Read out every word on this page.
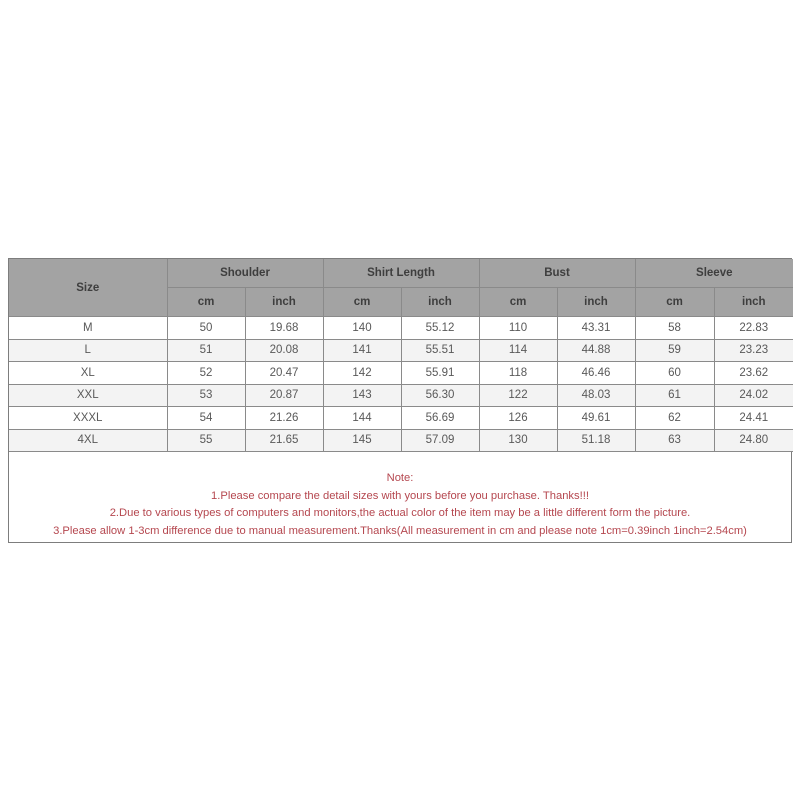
Size	Shoulder		Shirt Length		Bust		Sleeve	
	cm	inch	cm	inch	cm	inch	cm	inch
M	50	19.68	140	55.12	110	43.31	58	22.83
L	51	20.08	141	55.51	114	44.88	59	23.23
XL	52	20.47	142	55.91	118	46.46	60	23.62
XXL	53	20.87	143	56.30	122	48.03	61	24.02
XXXL	54	21.26	144	56.69	126	49.61	62	24.41
4XL	55	21.65	145	57.09	130	51.18	63	24.80
Note:
1.Please compare the detail sizes with yours before you purchase. Thanks!!!
2.Due to various types of computers and monitors,the actual color of the item may be a little different form the picture.
3.Please allow 1-3cm difference due to manual measurement.Thanks(All measurement in cm and please note 1cm=0.39inch 1inch=2.54cm)
